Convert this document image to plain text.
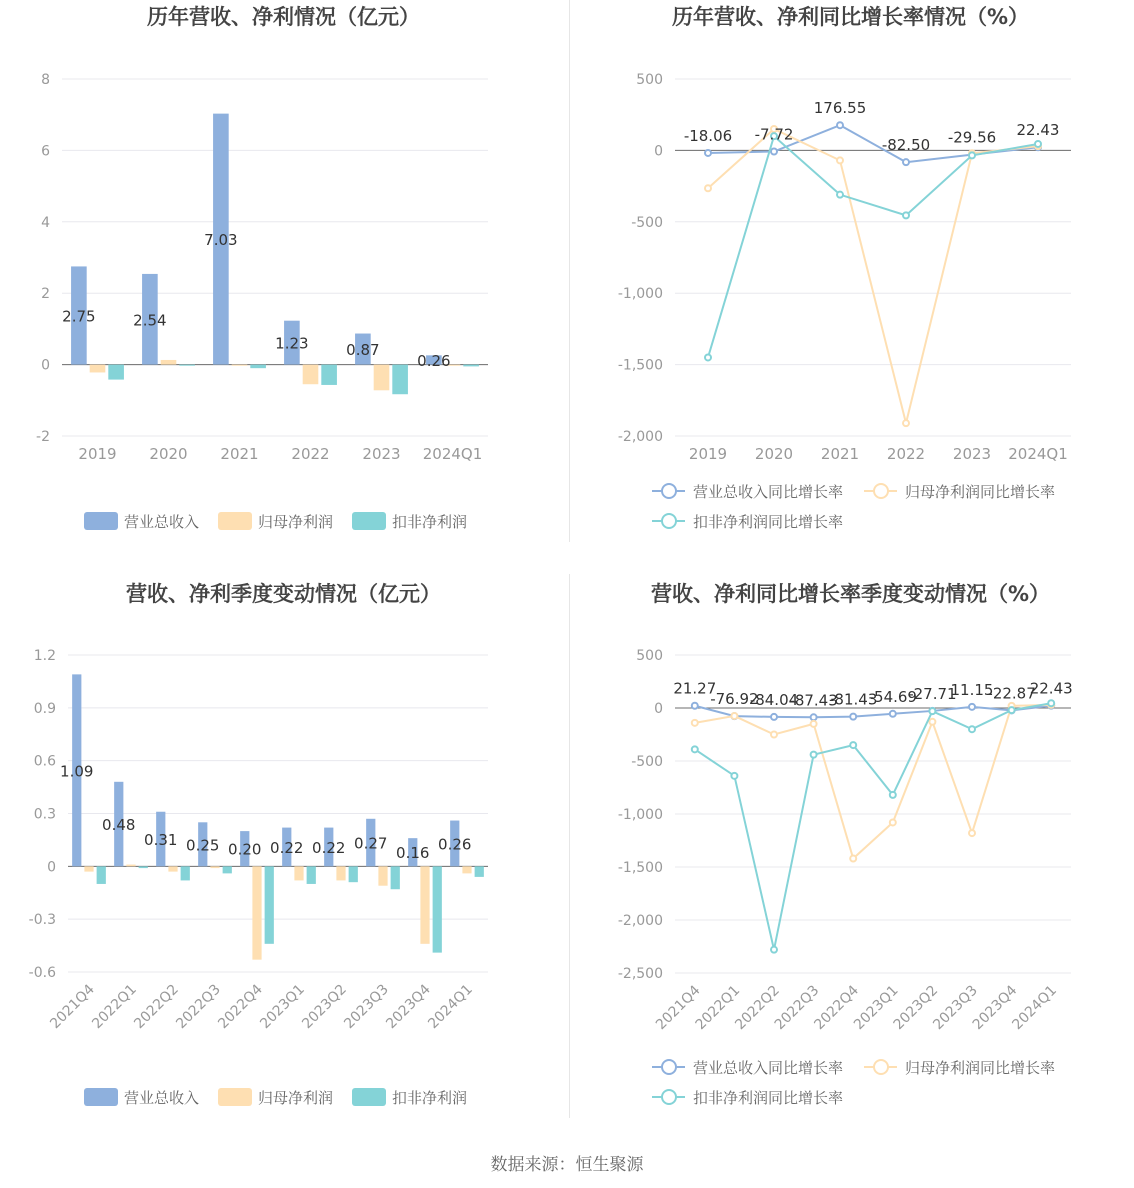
历年营收、净利情况（亿元）
-2
0
2
4
6
8
2019 2020 2021 2022 2023 2024Q1
2.75	2.54
7.03
1.23	0.87
0.26
营业总收入	归母净利润	扣非净利润
历年营收、净利同比增长率情况（%）
-2,000
-1,500
-1,000
-500
0
500
2019 2020 2021 2022 2023 2024Q1
-18.06 -7.72
176.55
-82.50 -29.56 22.43
营业总收入同比增长率	归母净利润同比增长率
扣非净利润同比增长率
营收、净利季度变动情况（亿元）
-0.6
-0.3
0
0.3
0.6
0.9
1.2
2021Q4
2022Q1
2022Q2
2022Q3
2022Q4
2023Q1
2023Q2
2023Q3
2023Q4
2024Q1
1.09
0.48
0.31 0.25 0.20 0.22 0.22 0.27
0.16 0.26
营业总收入	归母净利润	扣非净利润
营收、净利同比增长率季度变动情况（%）
-2,500
-2,000
-1,500
-1,000
-500
0
500
2021Q4
2022Q1
2022Q2
2022Q3
2022Q4
2023Q1
2023Q2
2023Q3
2023Q4
2024Q1
21.27
-76.92
-84.04
-87.43
-81.43
-54.69
-27.71
11.15
-22.87
22.43
营业总收入同比增长率	归母净利润同比增长率
扣非净利润同比增长率
数据来源：恒生聚源
